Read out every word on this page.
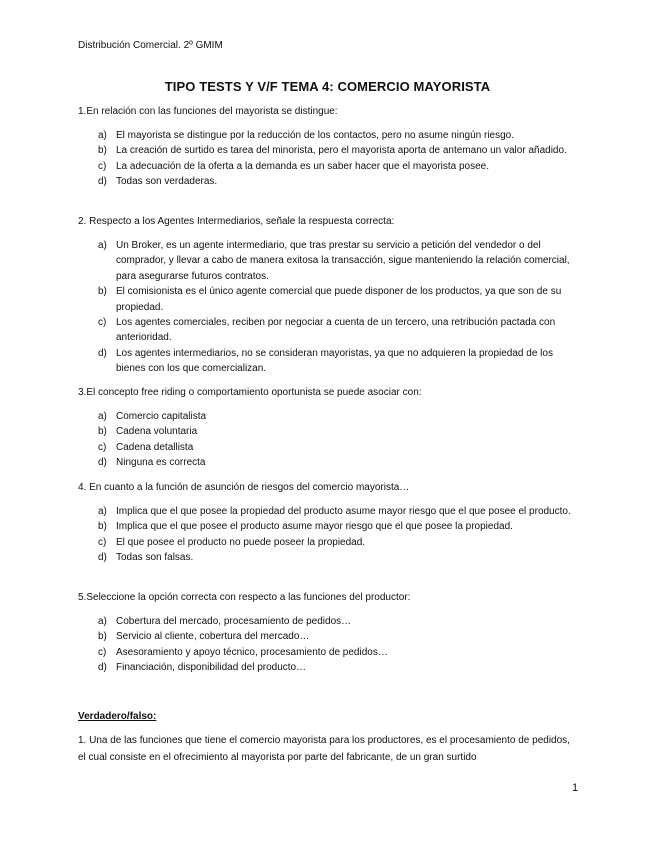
Distribución Comercial. 2º GMIM
TIPO TESTS Y V/F TEMA 4: COMERCIO MAYORISTA
1.En relación con las funciones del mayorista se distingue:
a) El mayorista se distingue por la reducción de los contactos, pero no asume ningún riesgo.
b) La creación de surtido es tarea del minorista, pero el mayorista aporta de antemano un valor añadido.
c) La adecuación de la oferta a la demanda es un saber hacer que el mayorista posee.
d) Todas son verdaderas.
2. Respecto a los Agentes Intermediarios, señale la respuesta correcta:
a) Un Broker, es un agente intermediario, que tras prestar su servicio a petición del vendedor o del comprador, y llevar a cabo de manera exitosa la transacción, sigue manteniendo la relación comercial, para asegurarse futuros contratos.
b) El comisionista es el único agente comercial que puede disponer de los productos, ya que son de su propiedad.
c) Los agentes comerciales, reciben por negociar a cuenta de un tercero, una retribución pactada con anterioridad.
d) Los agentes intermediarios, no se consideran mayoristas, ya que no adquieren la propiedad de los bienes con los que comercializan.
3.El concepto free riding o comportamiento oportunista se puede asociar con:
a) Comercio capitalista
b) Cadena voluntaria
c) Cadena detallista
d) Ninguna es correcta
4. En cuanto a la función de asunción de riesgos del comercio mayorista…
a) Implica que el que posee la propiedad del producto asume mayor riesgo que el que posee el producto.
b) Implica que el que posee el producto asume mayor riesgo que el que posee la propiedad.
c) El que posee el producto no puede poseer la propiedad.
d) Todas son falsas.
5.Seleccione la opción correcta con respecto a las funciones del productor:
a) Cobertura del mercado, procesamiento de pedidos…
b) Servicio al cliente, cobertura del mercado…
c) Asesoramiento y apoyo técnico, procesamiento de pedidos…
d) Financiación, disponibilidad del producto…
Verdadero/falso:
1. Una de las funciones que tiene el comercio mayorista para los productores, es el procesamiento de pedidos, el cual consiste en el ofrecimiento al mayorista por parte del fabricante, de un gran surtido
1
